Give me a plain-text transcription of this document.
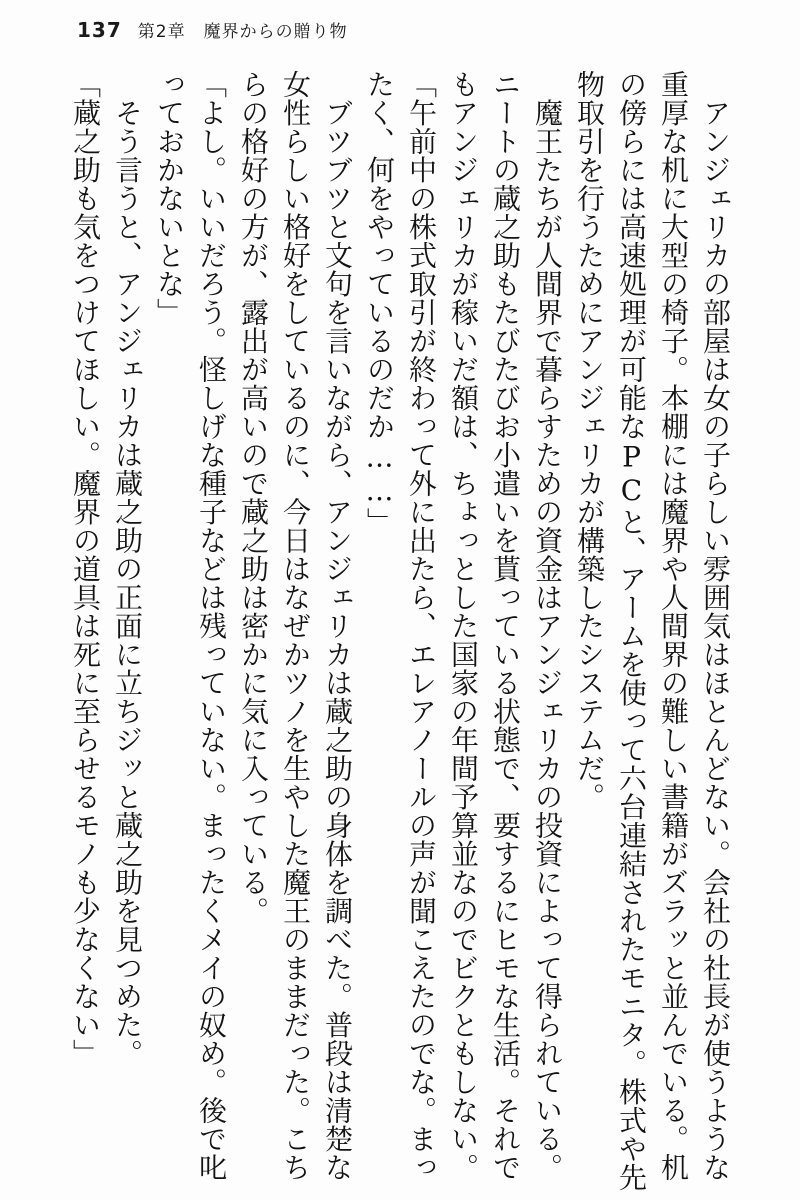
137 第2章　魔界からの贈り物

　アンジェリカの部屋は女の子らしい雰囲気はほとんどない。会社の社長が使うような重厚な机に大型の椅子。本棚には魔界や人間界の難しい書籍がズラッと並んでいる。机の傍らには高速処理が可能なPCと、アームを使って六台連結されたモニタ。株式や先物取引を行うためにアンジェリカが構築したシステムだ。

　魔王たちが人間界で暮らすための資金はアンジェリカの投資によって得られている。ニートの蔵之助もたびたびお小遣いを貰っている状態で、要するにヒモな生活。それでもアンジェリカが稼いだ額は、ちょっとした国家の年間予算並なのでビクともしない。

「午前中の株式取引が終わって外に出たら、エレアノールの声が聞こえたのでな。まったく、何をやっているのだか……」

　ブツブツと文句を言いながら、アンジェリカは蔵之助の身体を調べた。普段は清楚な女性らしい格好をしているのに、今日はなぜかツノを生やした魔王のままだった。こちらの格好の方が、露出が高いので蔵之助は密かに気に入っている。

「よし。いいだろう。怪しげな種子などは残っていない。まったくメイの奴め。後で叱っておかないとな」

　そう言うと、アンジェリカは蔵之助の正面に立ちジッと蔵之助を見つめた。

「蔵之助も気をつけてほしい。魔界の道具は死に至らせるモノも少なくない」
